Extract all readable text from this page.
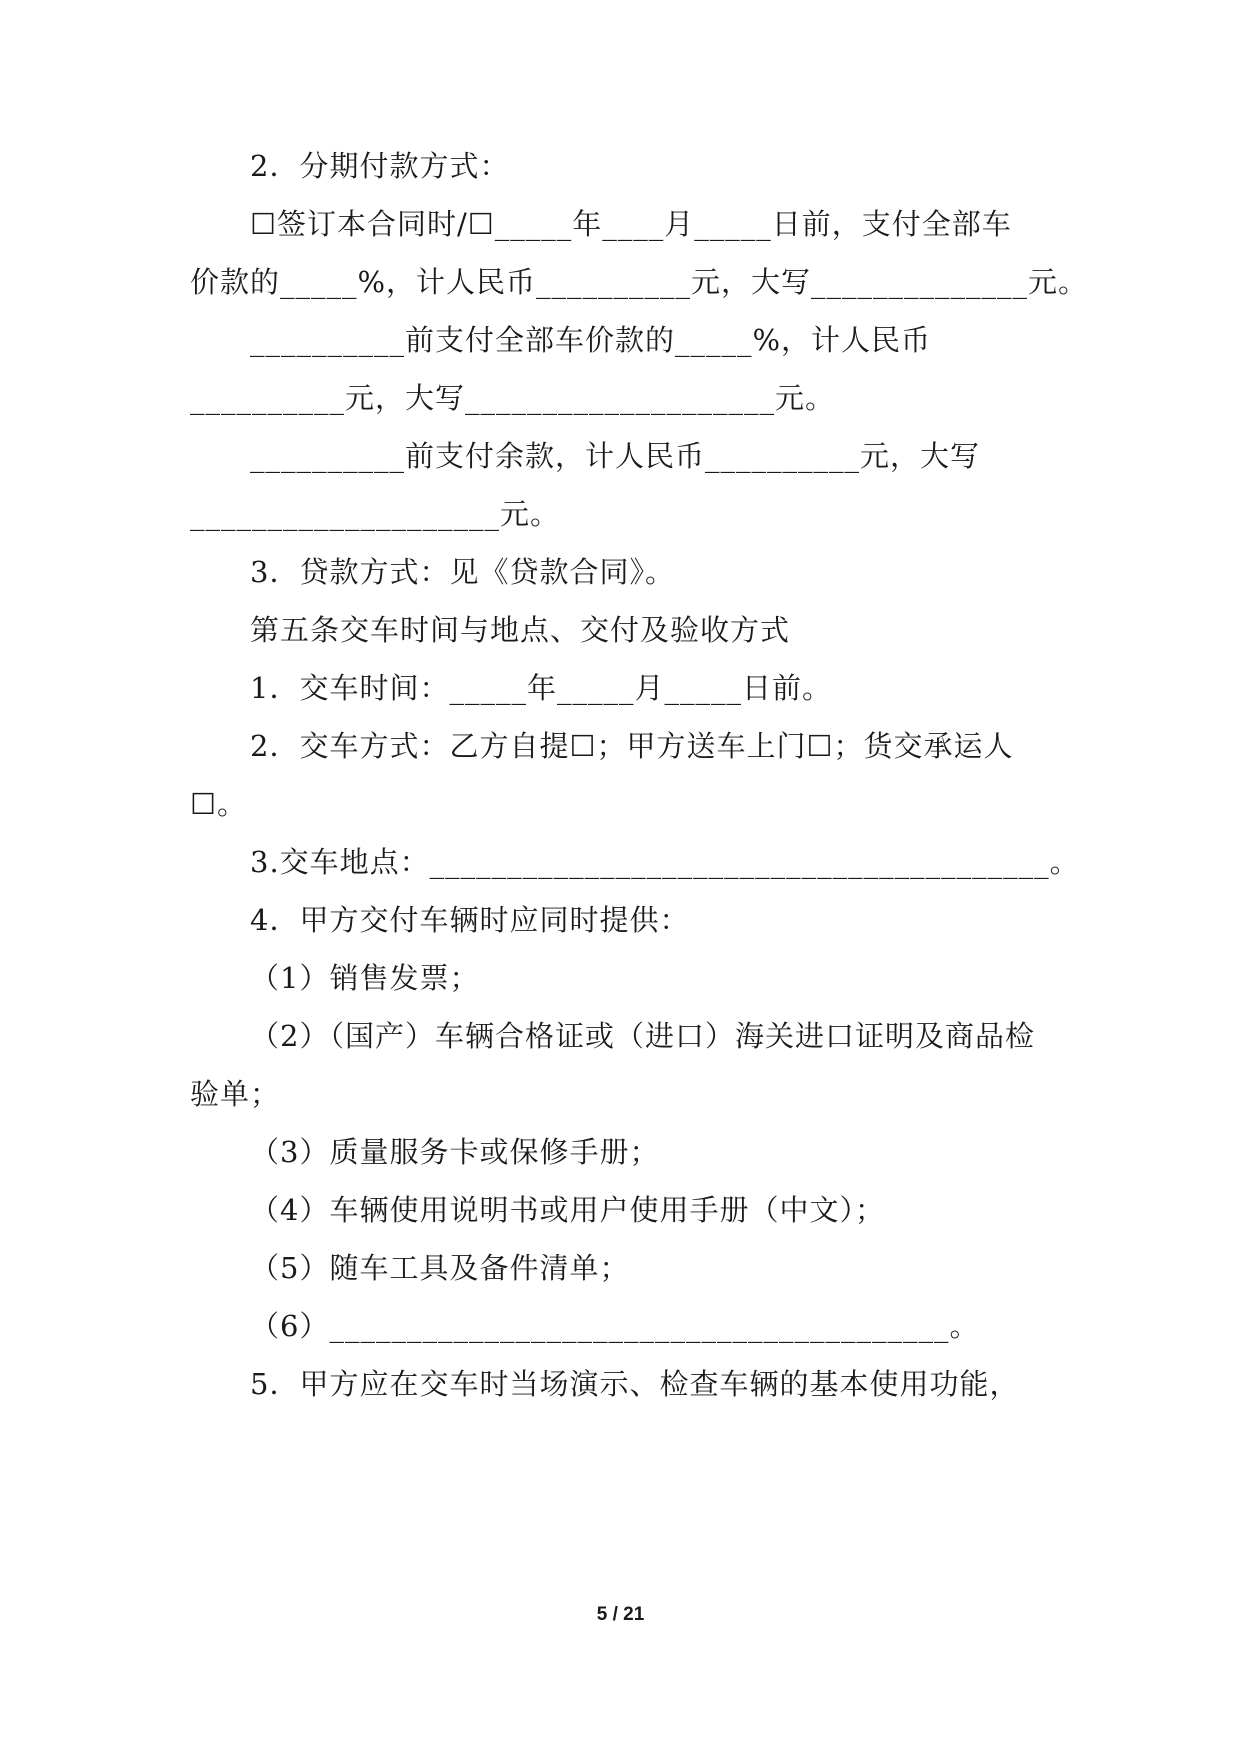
2．分期付款方式：
☐签订本合同时/☐_____年____月_____日前，支付全部车
价款的_____%，计人民币__________元，大写______________元。
__________前支付全部车价款的_____%，计人民币
__________元，大写____________________元。
__________前支付余款，计人民币__________元，大写
____________________元。
3．贷款方式：见《贷款合同》。
第五条交车时间与地点、交付及验收方式
1．交车时间：_____年_____月_____日前。
2．交车方式：乙方自提☐；甲方送车上门☐；货交承运人
☐。
3.交车地点：________________________________________。
4．甲方交付车辆时应同时提供：
（1）销售发票；
（2）（国产）车辆合格证或（进口）海关进口证明及商品检
验单；
（3）质量服务卡或保修手册；
（4）车辆使用说明书或用户使用手册（中文）；
（5）随车工具及备件清单；
（6）________________________________________。
5．甲方应在交车时当场演示、检查车辆的基本使用功能，
5 / 21
